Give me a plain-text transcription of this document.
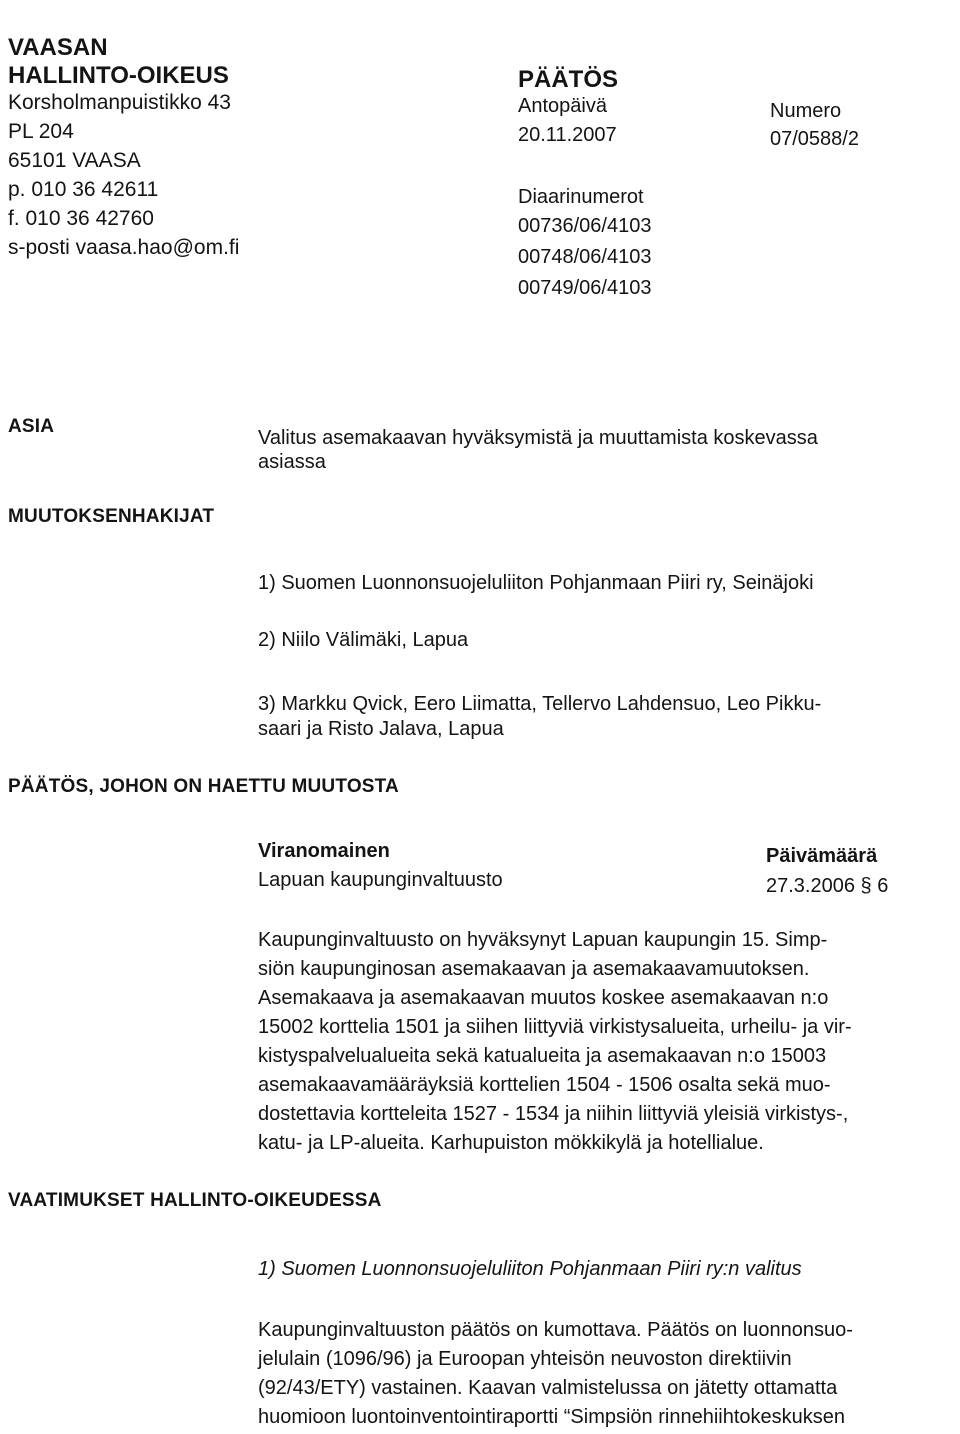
VAASAN
HALLINTO-OIKEUS
Korsholmanpuistikko 43
PL 204
65101 VAASA
p. 010 36 42611
f. 010 36 42760
s-posti vaasa.hao@om.fi
PÄÄTÖS
Antopäivä
20.11.2007
Numero
07/0588/2
Diaarinumerot
00736/06/4103
00748/06/4103
00749/06/4103
ASIA
Valitus asemakaavan hyväksymistä ja muuttamista koskevassa
asiassa
MUUTOKSENHAKIJAT
1) Suomen Luonnonsuojeluliiton Pohjanmaan Piiri ry, Seinäjoki
2) Niilo Välimäki, Lapua
3) Markku Qvick, Eero Liimatta, Tellervo Lahdensuo, Leo Pikku-
saari ja Risto Jalava, Lapua
PÄÄTÖS, JOHON ON HAETTU MUUTOSTA
Viranomainen
Lapuan kaupunginvaltuusto
Päivämäärä
27.3.2006 § 6
Kaupunginvaltuusto on hyväksynyt Lapuan kaupungin 15. Simp-
siön kaupunginosan asemakaavan ja asemakaavamuutoksen.
Asemakaava ja asemakaavan muutos koskee asemakaavan n:o
15002 korttelia 1501 ja siihen liittyviä virkistysalueita, urheilu- ja vir-
kistyspalvelualueita sekä katualueita ja asemakaavan n:o 15003
asemakaavamääräyksiä korttelien 1504 - 1506 osalta sekä muo-
dostettavia kortteleita 1527 - 1534 ja niihin liittyviä yleisiä virkistys-,
katu- ja LP-alueita. Karhupuiston mökkikylä ja hotellialue.
VAATIMUKSET HALLINTO-OIKEUDESSA
1) Suomen Luonnonsuojeluliiton Pohjanmaan Piiri ry:n valitus
Kaupunginvaltuuston päätös on kumottava. Päätös on luonnonsuo-
jelulain (1096/96) ja Euroopan yhteisön neuvoston direktiivin
(92/43/ETY) vastainen. Kaavan valmistelussa on jätetty ottamatta
huomioon luontoinventointiraportti “Simpsiön rinnehiihtokeskuksen
